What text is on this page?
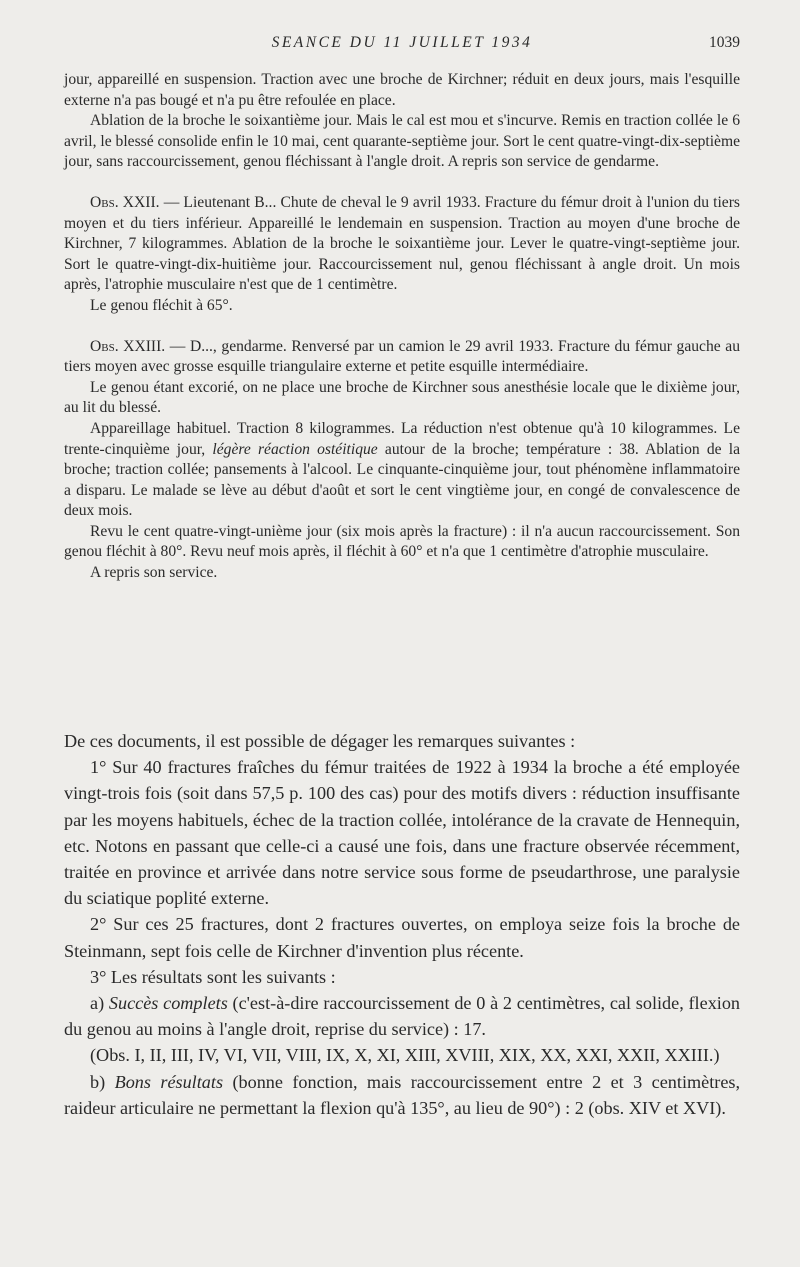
SEANCE DU 11 JUILLET 1934	1039

jour, appareillé en suspension. Traction avec une broche de Kirchner; réduit en deux jours, mais l'esquille externe n'a pas bougé et n'a pu être refoulée en place.

Ablation de la broche le soixantième jour. Mais le cal est mou et s'incurve. Remis en traction collée le 6 avril, le blessé consolide enfin le 10 mai, cent quarante-septième jour. Sort le cent quatre-vingt-dix-septième jour, sans raccourcissement, genou fléchissant à l'angle droit. A repris son service de gendarme.

Obs. XXII. — Lieutenant B... Chute de cheval le 9 avril 1933. Fracture du fémur droit à l'union du tiers moyen et du tiers inférieur. Appareillé le lendemain en suspension. Traction au moyen d'une broche de Kirchner, 7 kilogrammes. Ablation de la broche le soixantième jour. Lever le quatre-vingt-septième jour. Sort le quatre-vingt-dix-huitième jour. Raccourcissement nul, genou fléchissant à angle droit. Un mois après, l'atrophie musculaire n'est que de 1 centimètre.

Le genou fléchit à 65°.

Obs. XXIII. — D..., gendarme. Renversé par un camion le 29 avril 1933. Fracture du fémur gauche au tiers moyen avec grosse esquille triangulaire externe et petite esquille intermédiaire.

Le genou étant excorié, on ne place une broche de Kirchner sous anesthésie locale que le dixième jour, au lit du blessé.

Appareillage habituel. Traction 8 kilogrammes. La réduction n'est obtenue qu'à 10 kilogrammes. Le trente-cinquième jour, légère réaction ostéitique autour de la broche; température : 38. Ablation de la broche; traction collée; pansements à l'alcool. Le cinquante-cinquième jour, tout phénomène inflammatoire a disparu. Le malade se lève au début d'août et sort le cent vingtième jour, en congé de convalescence de deux mois.

Revu le cent quatre-vingt-unième jour (six mois après la fracture) : il n'a aucun raccourcissement. Son genou fléchit à 80°. Revu neuf mois après, il fléchit à 60° et n'a que 1 centimètre d'atrophie musculaire.

A repris son service.

De ces documents, il est possible de dégager les remarques suivantes :

1° Sur 40 fractures fraîches du fémur traitées de 1922 à 1934 la broche a été employée vingt-trois fois (soit dans 57,5 p. 100 des cas) pour des motifs divers : réduction insuffisante par les moyens habituels, échec de la traction collée, intolérance de la cravate de Hennequin, etc. Notons en passant que celle-ci a causé une fois, dans une fracture observée récemment, traitée en province et arrivée dans notre service sous forme de pseudarthrose, une paralysie du sciatique poplité externe.

2° Sur ces 25 fractures, dont 2 fractures ouvertes, on employa seize fois la broche de Steinmann, sept fois celle de Kirchner d'invention plus récente.

3° Les résultats sont les suivants :

a) Succès complets (c'est-à-dire raccourcissement de 0 à 2 centimètres, cal solide, flexion du genou au moins à l'angle droit, reprise du service) : 17.

(Obs. I, II, III, IV, VI, VII, VIII, IX, X, XI, XIII, XVIII, XIX, XX, XXI, XXII, XXIII.)

b) Bons résultats (bonne fonction, mais raccourcissement entre 2 et 3 centimètres, raideur articulaire ne permettant la flexion qu'à 135°, au lieu de 90°) : 2 (obs. XIV et XVI).
